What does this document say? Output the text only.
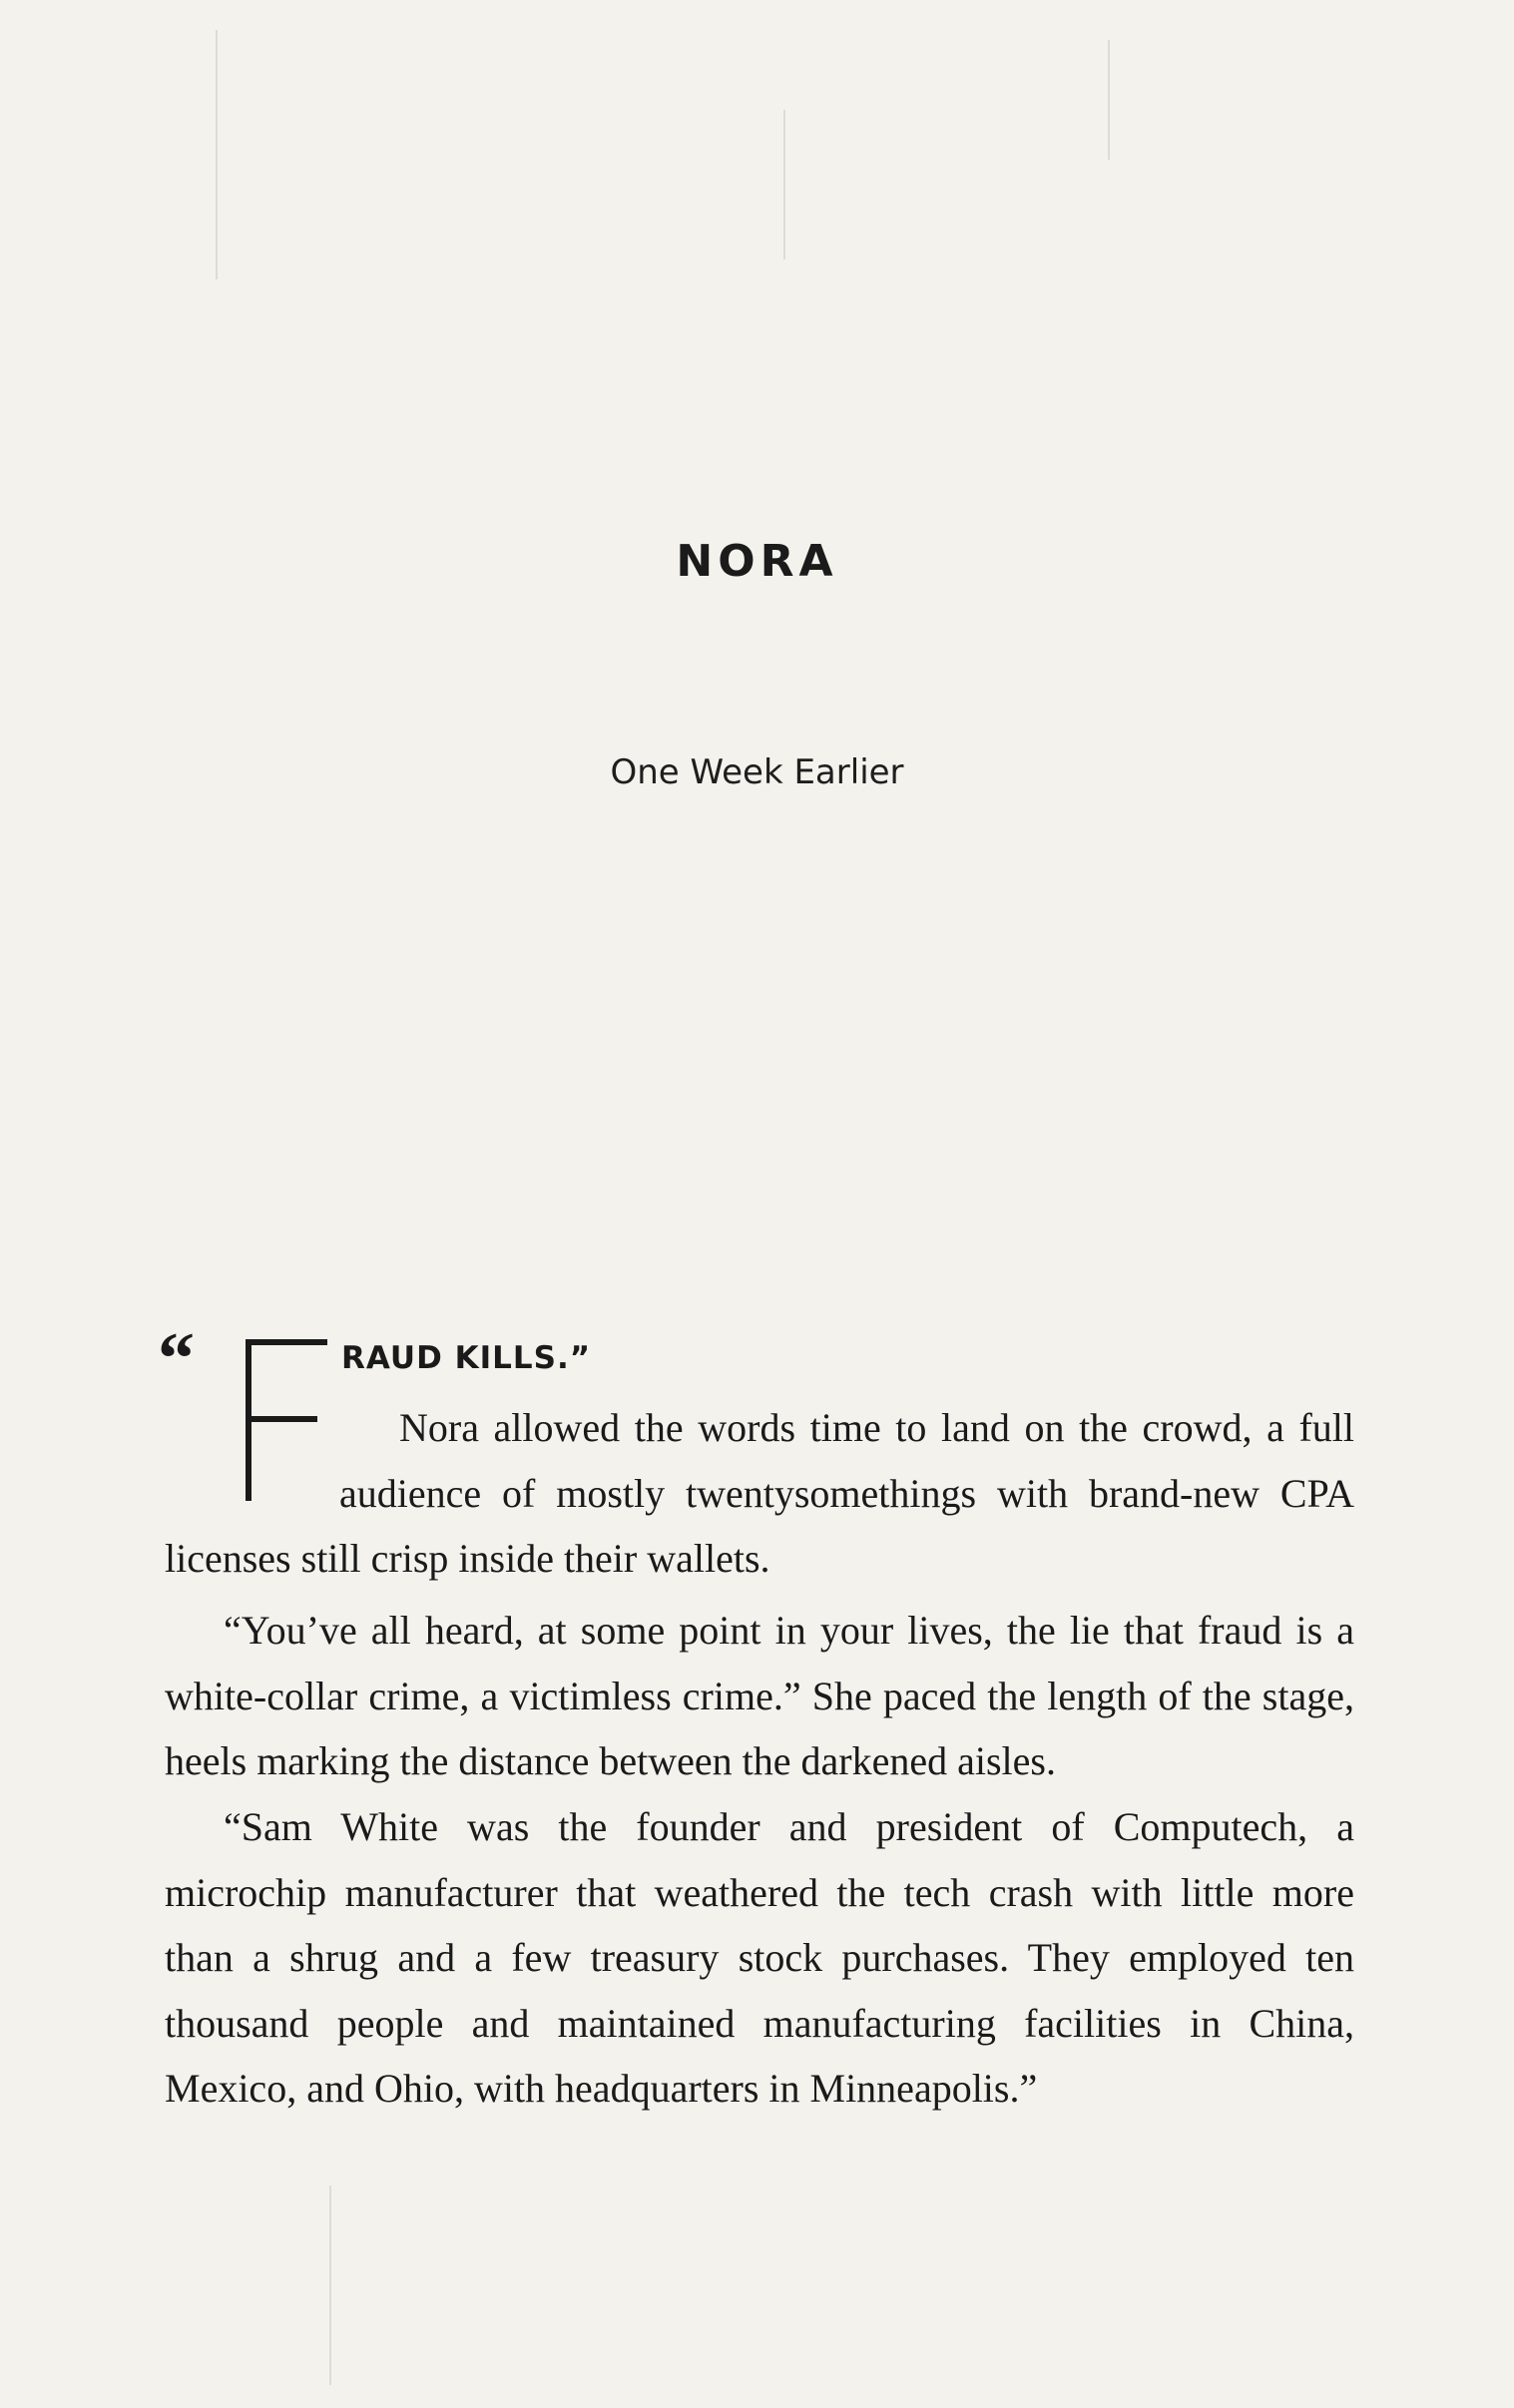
NORA
One Week Earlier
“	RAUD KILLS.”
Nora allowed the words time to land on the crowd, a full audience of mostly twentysomethings with brand-new CPA licenses still crisp inside their wallets.
“You’ve all heard, at some point in your lives, the lie that fraud is a white-collar crime, a victimless crime.” She paced the length of the stage, heels marking the distance between the darkened aisles.
“Sam White was the founder and president of Computech, a microchip manufacturer that weathered the tech crash with little more than a shrug and a few treasury stock purchases. They employed ten thousand people and maintained manufacturing facilities in China, Mexico, and Ohio, with headquarters in Minneapolis.”
